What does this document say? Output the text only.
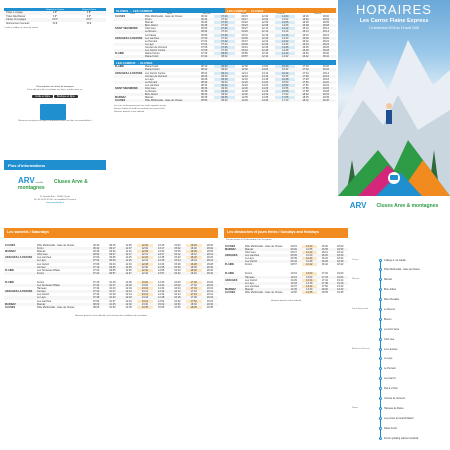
	Départ Les Carroz	Départ Cluses
Ticket 1 voyage	2 €*	2 €*
Ticket Aller/Retour	3 €*	3 €*
Carnet 10 voyages	15 €*	15 €*
Abonnement mensuel	30 €	30 €
* tarifs à valider en cours de saison
Pour acheter vos titres de transport
Pour aller plus loin ou acheter vos titres, rendez-vous sur
Guide en ligne	Boutique en ligne
Réservez vos places en ligne et retrouvez toutes les infos sur arvimobilite.fr
Plus d'informations
ARV mobilité Cluses Arve & montagnes
21 Grande Rue - 74300 Cluses
Tel. 04 50 91 40 90 - arv.mobilite@2ccam.fr
www.arvimobilite.fr
CLUSES → LES CARROZ	LES CARROZ → CLUSES
Lundi	Mardi	Mercredi	Jeudi	Vendredi	Samedi
CLUSES	Pôle Multimodal - Gare de Cluses	06:40	07:20	09:15	12:00	14:00	16:00	18:00
	Foron	06:42	07:22	09:17	12:02	14:02	16:02	18:02
	Marnaz	06:45	07:25	09:20	12:05	14:05	16:05	18:05
	Bois Jolivet	06:48	07:28	09:23	12:08	14:08	16:08	18:08
SAINT SIGISMOND	Chef Lieu	06:52	07:32	09:27	12:12	14:12	16:12	18:12
	Le Revers	06:54	07:34	09:29	12:14	14:14	16:14	18:14
	La Frasse	06:56	07:36	09:31	12:16	14:16	16:16	18:16
ARÂCHES-LA FRASSE	Les Lanches	07:00	07:40	09:35	12:20	14:20	16:20	18:20
	Le Pernant	07:02	07:42	09:37	12:22	14:22	16:22	18:22
	Le Lays	07:04	07:44	09:39	12:24	14:24	16:24	18:24
	Comtes de Verneuil	07:06	07:46	09:41	12:26	14:26	16:26	18:26
	Les Carroz Centre	07:08	07:48	09:43	12:28	14:28	16:28	18:28
FLAINE	Flaine Forum	07:20	08:00	09:55	12:40	14:40	16:40	18:40
	Flaine Forêt	07:22	08:02	09:57	12:42	14:42	16:42	18:42
LES CARROZ → CLUSES
FLAINE	Flaine Forêt	08:10	09:00	12:00	14:00	16:30	17:30	19:00
	Flaine Forum	08:12	09:02	12:02	14:02	16:32	17:32	19:02
ARÂCHES-LA FRASSE	Les Carroz Centre	08:24	09:14	12:14	14:14	16:44	17:44	19:14
	Comtes de Verneuil	08:26	09:16	12:16	14:16	16:46	17:46	19:16
	Le Lays	08:28	09:18	12:18	14:18	16:48	17:48	19:18
	Le Pernant	08:30	09:20	12:20	14:20	16:50	17:50	19:20
	Les Lanches	08:32	09:22	12:22	14:22	16:52	17:52	19:22
SAINT SIGISMOND	Chef Lieu	08:36	09:26	12:26	14:26	16:56	17:56	19:26
	Le Revers	08:38	09:28	12:28	14:28	16:58	17:58	19:28
	Bois Jolivet	08:42	09:32	12:32	14:32	17:02	18:02	19:32
MARNAZ	Marnaz	08:45	09:35	12:35	14:35	17:05	18:05	19:35
CLUSES	Pôle Multimodal - Gare de Cluses	08:50	09:40	12:40	14:40	17:10	18:10	19:40
Les cars ne desservent pas les arrêts signalés en gris
Service réalisé du lundi au vendredi hors jours fériés
Horaires donnés à titre indicatif
HORAIRES
Les Carroz Flaine Express
13 décembre 2025 au 19 avril 2026
ARV Cluses Arve & montagnes
Les samedis / Saturdays
CLUSES	Pôle Multimodal - Gare de Cluses	06:40	09:15	11:05	12:00	13:15	15:00	16:00	18:00
	Foron	06:42	09:17	11:07	12:02	13:17	15:02	16:02	18:02
MARNAZ	Marnaz	06:45	09:20	11:10	12:05	13:20	15:05	16:05	18:05
	Chef Lieu	06:52	09:27	11:17	12:12	13:27	15:12	16:12	18:12
ARÂCHES-LA FRASSE	Les Lanches	07:00	09:35	11:25	12:20	13:35	15:20	16:20	18:20
	Le Lays	07:04	09:39	11:29	12:24	13:39	15:24	16:24	18:24
	Les Carroz	07:08	09:43	11:33	12:28	13:43	15:28	16:28	18:28
	Comtes	07:10	09:45	11:35	12:30	13:45	15:30	16:30	18:30
FLAINE	Les Terrasses D'Eau	07:20	09:55	11:45	12:40	13:55	15:40	16:40	18:40
	Forum	07:22	09:57	11:47	12:42	13:57	15:42	16:42	18:42
FLAINE	Forum	07:30	10:15	12:00	13:00	14:30	16:00	17:30	19:00
	Les Terrasses D'Eau	07:32	10:17	12:02	13:02	14:32	16:02	17:32	19:02
	Hameau	07:34	10:19	12:04	13:04	14:34	16:04	17:34	19:04
ARÂCHES-LA FRASSE	Comtes	07:42	10:27	12:12	13:12	14:42	16:12	17:42	19:12
	Les Carroz	07:44	10:29	12:14	13:14	14:44	16:14	17:44	19:14
	Le Lays	07:48	10:33	12:18	13:18	14:48	16:18	17:48	19:18
	Les Lanches	07:52	10:37	12:22	13:22	14:52	16:22	17:52	19:22
MARNAZ	Marnaz	08:00	10:45	12:30	13:30	15:00	16:30	18:00	19:30
CLUSES	Pôle Multimodal - Gare de Cluses	08:05	10:50	12:35	13:35	15:05	16:35	18:05	19:35
Horaires donnés à titre indicatif, sous réserve des conditions de circulation
Les dimanches et jours fériés / Sundays and Holidays
Pas de service le 25 décembre et le 1er janvier
CLUSES	Pôle Multimodal - Gare de Cluses	09:15	12:00	16:00	18:00
MARNAZ	Marnaz	09:20	12:05	16:05	18:05
	Chef Lieu	09:27	12:12	16:12	18:12
ARÂCHES	Les Lanches	09:35	12:20	16:20	18:20
	Le Lays	09:39	12:24	16:24	18:24
	Les Carroz	09:43	12:28	16:28	18:28
FLAINE	Forum	09:57	12:42	16:42	18:42
FLAINE	Forum	10:15	13:00	17:30	19:00
	Hameau	10:19	13:04	17:34	19:04
ARÂCHES	Les Carroz	10:29	13:14	17:44	19:14
	Le Lays	10:33	13:18	17:48	19:18
	Les Lanches	10:37	13:22	17:52	19:22
MARNAZ	Marnaz	10:45	13:30	18:00	19:30
CLUSES	Pôle Multimodal - Gare de Cluses	10:50	13:35	18:05	19:35
Horaires donnés à titre indicatif
Collège A. de Gaulle
Cluses
Pôle Multimodal - Gare de Cluses
Marnaz
Marnaz
Bois Jolivet
Mas Chevalier
Le Revers
Saint-Sigismond
Bouvru
La Croix Verte
Chef Lieu
Les Lanches
Arâches-la-Frasse
Le Lays
Le Pernant
Les Carroz
Pas à L'Ours
Comtes de Verneuil
Hameau de Flaine
Flaine
Les portes du Grand Massif
Flaine Forêt
Forum (parking cabinet médical)
